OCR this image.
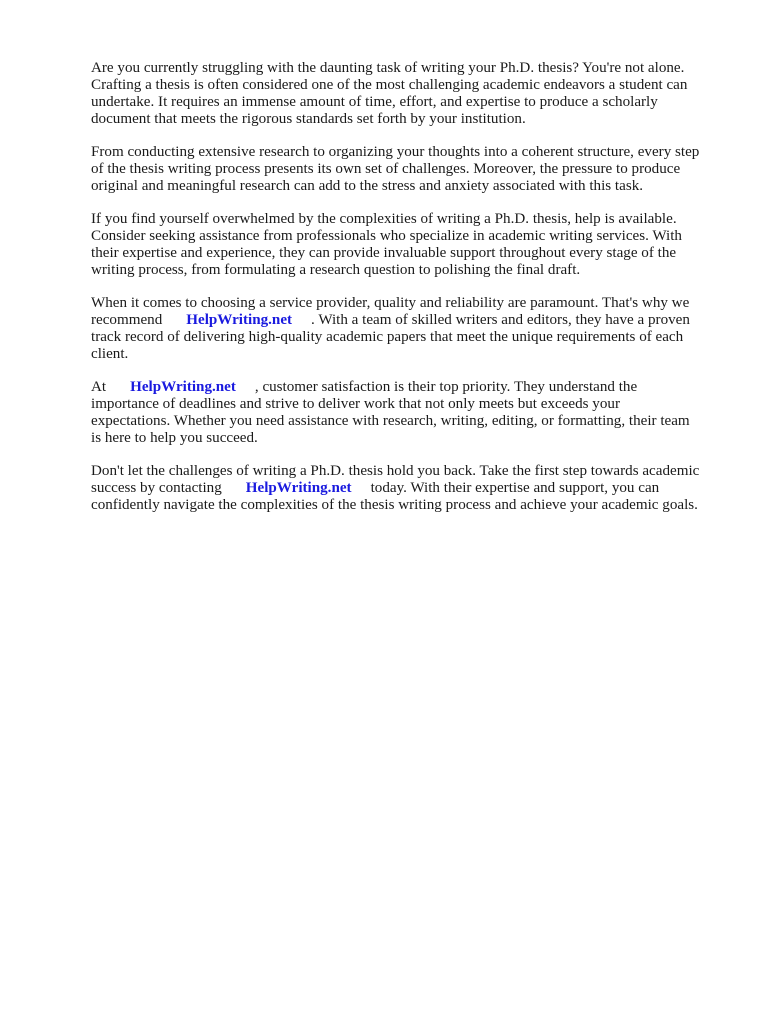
Are you currently struggling with the daunting task of writing your Ph.D. thesis? You're not alone.
Crafting a thesis is often considered one of the most challenging academic endeavors a student can
undertake. It requires an immense amount of time, effort, and expertise to produce a scholarly
document that meets the rigorous standards set forth by your institution.

From conducting extensive research to organizing your thoughts into a coherent structure, every step
of the thesis writing process presents its own set of challenges. Moreover, the pressure to produce
original and meaningful research can add to the stress and anxiety associated with this task.

If you find yourself overwhelmed by the complexities of writing a Ph.D. thesis, help is available.
Consider seeking assistance from professionals who specialize in academic writing services. With
their expertise and experience, they can provide invaluable support throughout every stage of the
writing process, from formulating a research question to polishing the final draft.

When it comes to choosing a service provider, quality and reliability are paramount. That's why we
recommend HelpWriting.net . With a team of skilled writers and editors, they have a proven
track record of delivering high-quality academic papers that meet the unique requirements of each
client.

At HelpWriting.net , customer satisfaction is their top priority. They understand the
importance of deadlines and strive to deliver work that not only meets but exceeds your
expectations. Whether you need assistance with research, writing, editing, or formatting, their team
is here to help you succeed.

Don't let the challenges of writing a Ph.D. thesis hold you back. Take the first step towards academic
success by contacting HelpWriting.net today. With their expertise and support, you can
confidently navigate the complexities of the thesis writing process and achieve your academic goals.
